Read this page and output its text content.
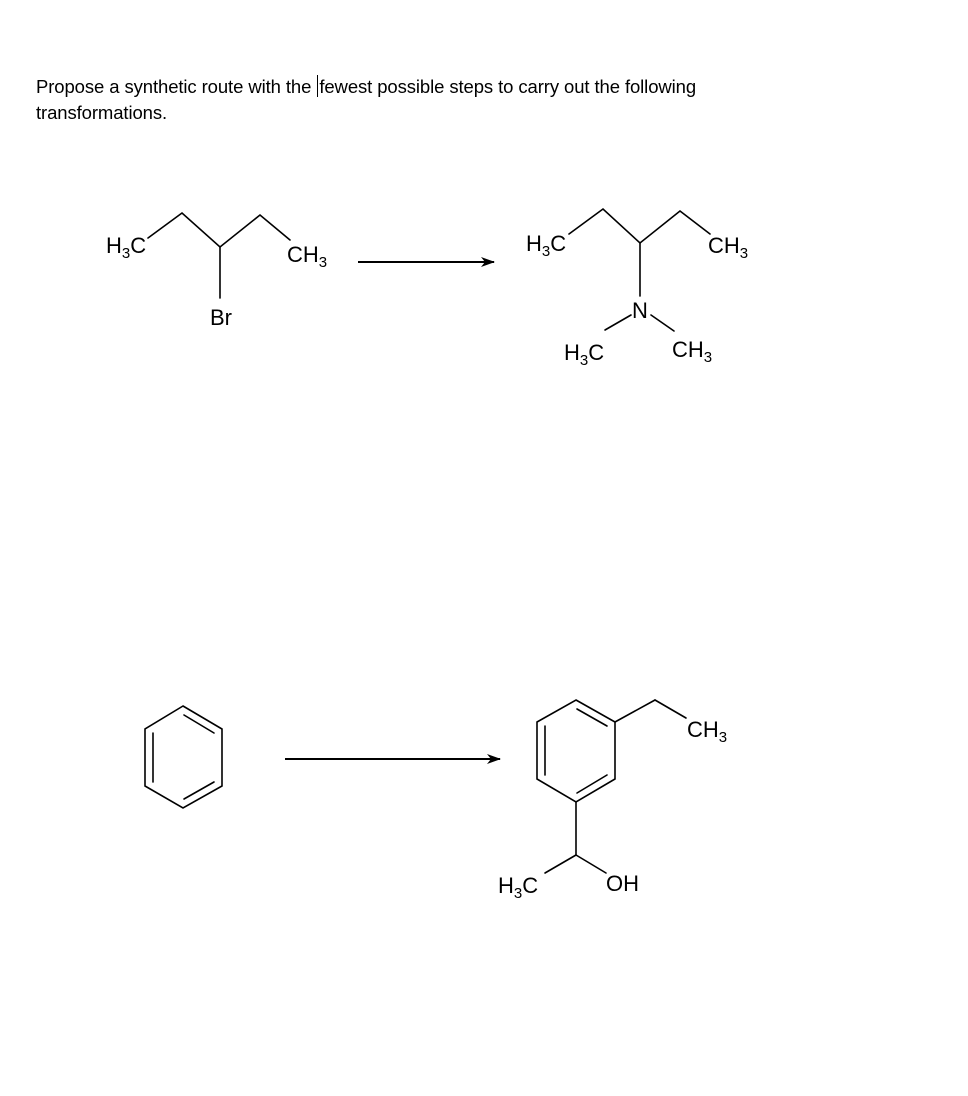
Propose a synthetic route with the fewest possible steps to carry out the following transformations.
$H_3C$	$CH_3$
Br
$H_3C$	$CH_3$
N
$H_3C$	$CH_3$
$CH_3$
$H_3C$	OH
